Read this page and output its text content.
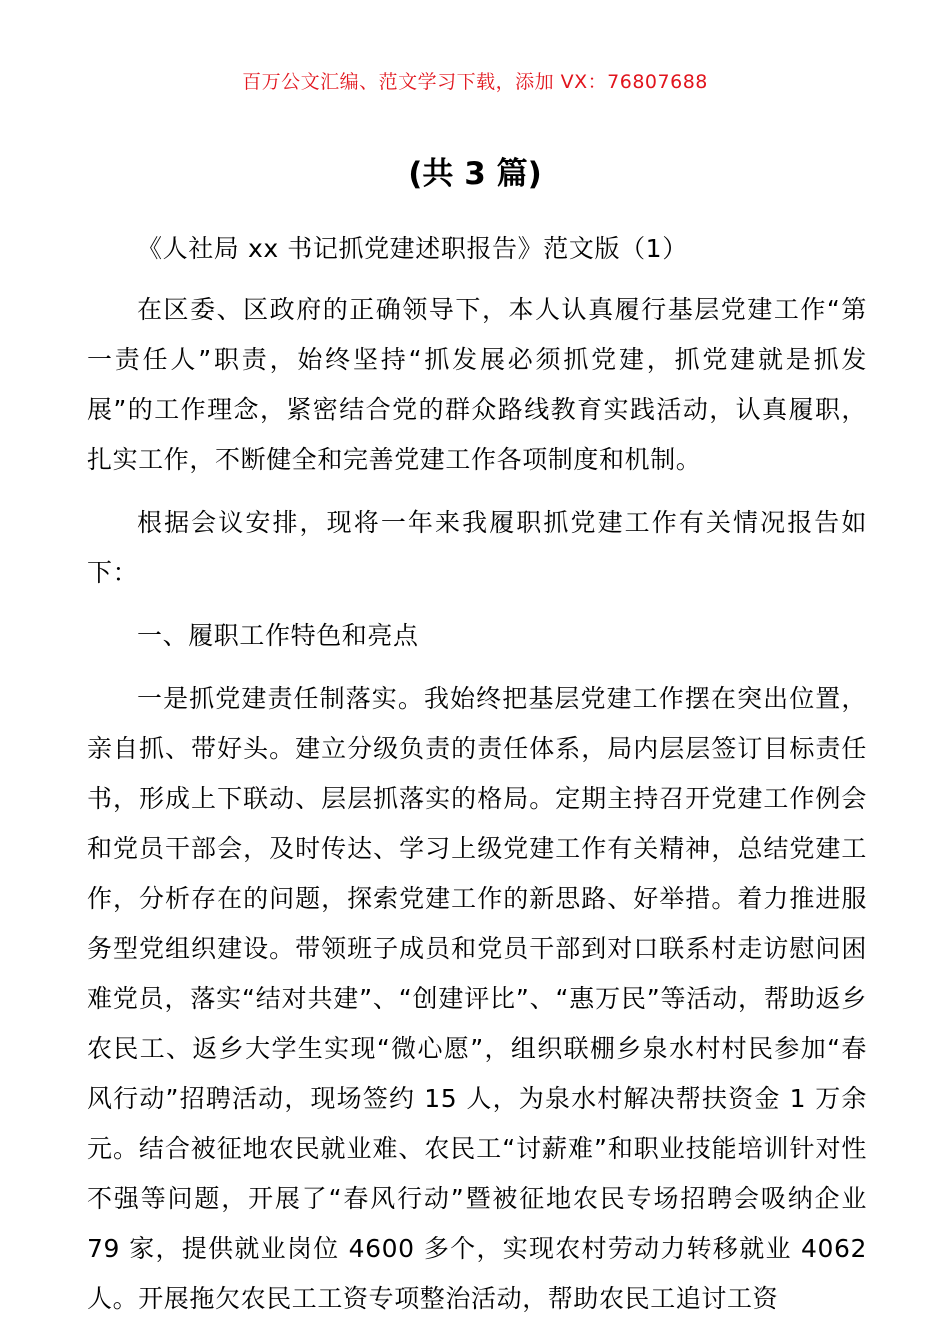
百万公文汇编、范文学习下载，添加 VX：76807688
(共 3 篇)

《人社局 xx 书记抓党建述职报告》范文版（1）

在区委、区政府的正确领导下，本人认真履行基层党建工作“第一责任人”职责，始终坚持“抓发展必须抓党建，抓党建就是抓发展”的工作理念，紧密结合党的群众路线教育实践活动，认真履职，扎实工作，不断健全和完善党建工作各项制度和机制。

根据会议安排，现将一年来我履职抓党建工作有关情况报告如下：

一、履职工作特色和亮点

一是抓党建责任制落实。我始终把基层党建工作摆在突出位置，亲自抓、带好头。建立分级负责的责任体系，局内层层签订目标责任书，形成上下联动、层层抓落实的格局。定期主持召开党建工作例会和党员干部会，及时传达、学习上级党建工作有关精神，总结党建工作，分析存在的问题，探索党建工作的新思路、好举措。着力推进服务型党组织建设。带领班子成员和党员干部到对口联系村走访慰问困难党员，落实“结对共建”、“创建评比”、“惠万民”等活动，帮助返乡农民工、返乡大学生实现“微心愿”，组织联棚乡泉水村村民参加“春风行动”招聘活动，现场签约 15 人，为泉水村解决帮扶资金 1 万余元。结合被征地农民就业难、农民工“讨薪难”和职业技能培训针对性不强等问题，开展了“春风行动”暨被征地农民专场招聘会吸纳企业 79 家，提供就业岗位 4600 多个，实现农村劳动力转移就业 4062 人。开展拖欠农民工工资专项整治活动，帮助农民工追讨工资
